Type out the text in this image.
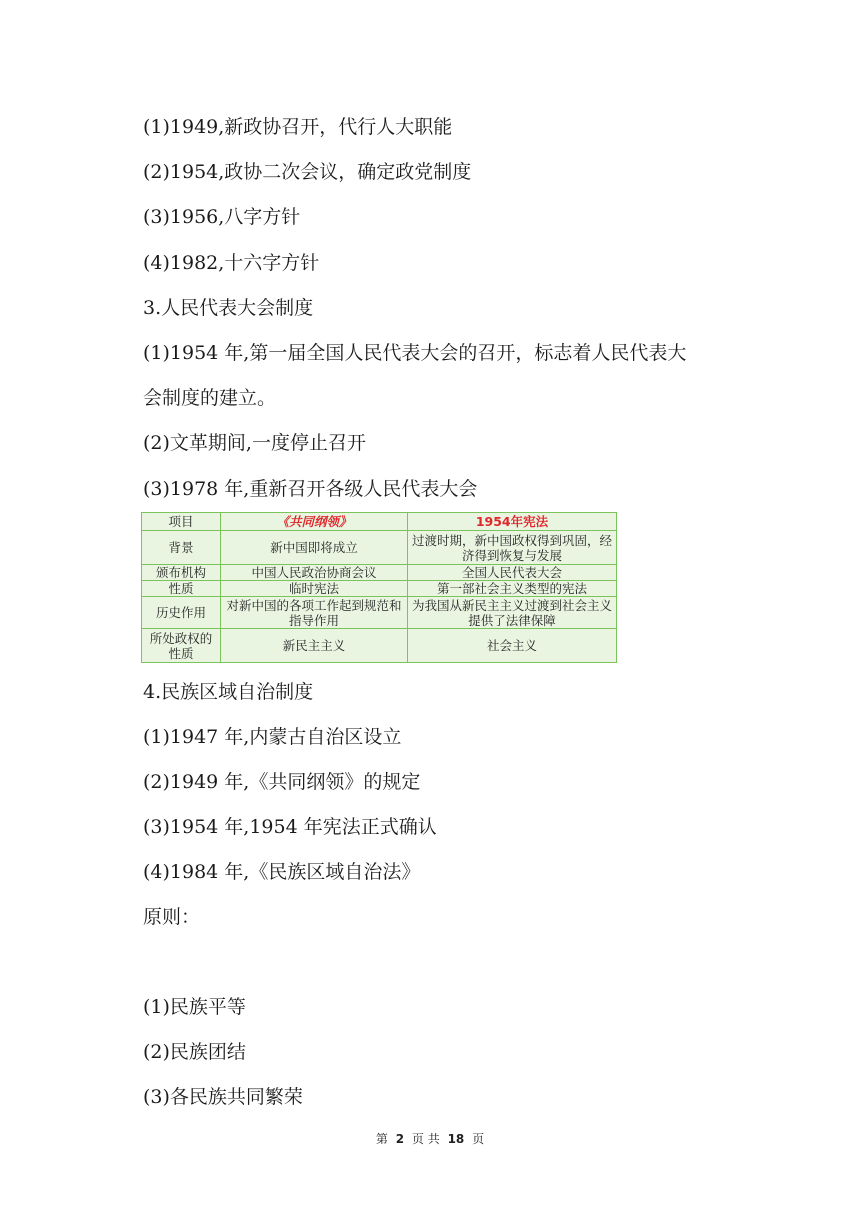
(1)1949,新政协召开，代行人大职能
(2)1954,政协二次会议，确定政党制度
(3)1956,八字方针
(4)1982,十六字方针
3.人民代表大会制度
(1)1954 年,第一届全国人民代表大会的召开，标志着人民代表大
会制度的建立。
(2)文革期间,一度停止召开
(3)1978 年,重新召开各级人民代表大会
项目	《共同纲领》	1954年宪法
背景	新中国即将成立	过渡时期，新中国政权得到巩固，经济得到恢复与发展
颁布机构	中国人民政治协商会议	全国人民代表大会
性质	临时宪法	第一部社会主义类型的宪法
历史作用	对新中国的各项工作起到规范和指导作用	为我国从新民主主义过渡到社会主义提供了法律保障
所处政权的性质	新民主主义	社会主义
4.民族区域自治制度
(1)1947 年,内蒙古自治区设立
(2)1949 年,《共同纲领》的规定
(3)1954 年,1954 年宪法正式确认
(4)1984 年,《民族区域自治法》
原则：
(1)民族平等
(2)民族团结
(3)各民族共同繁荣
第 2 页 共 18 页
